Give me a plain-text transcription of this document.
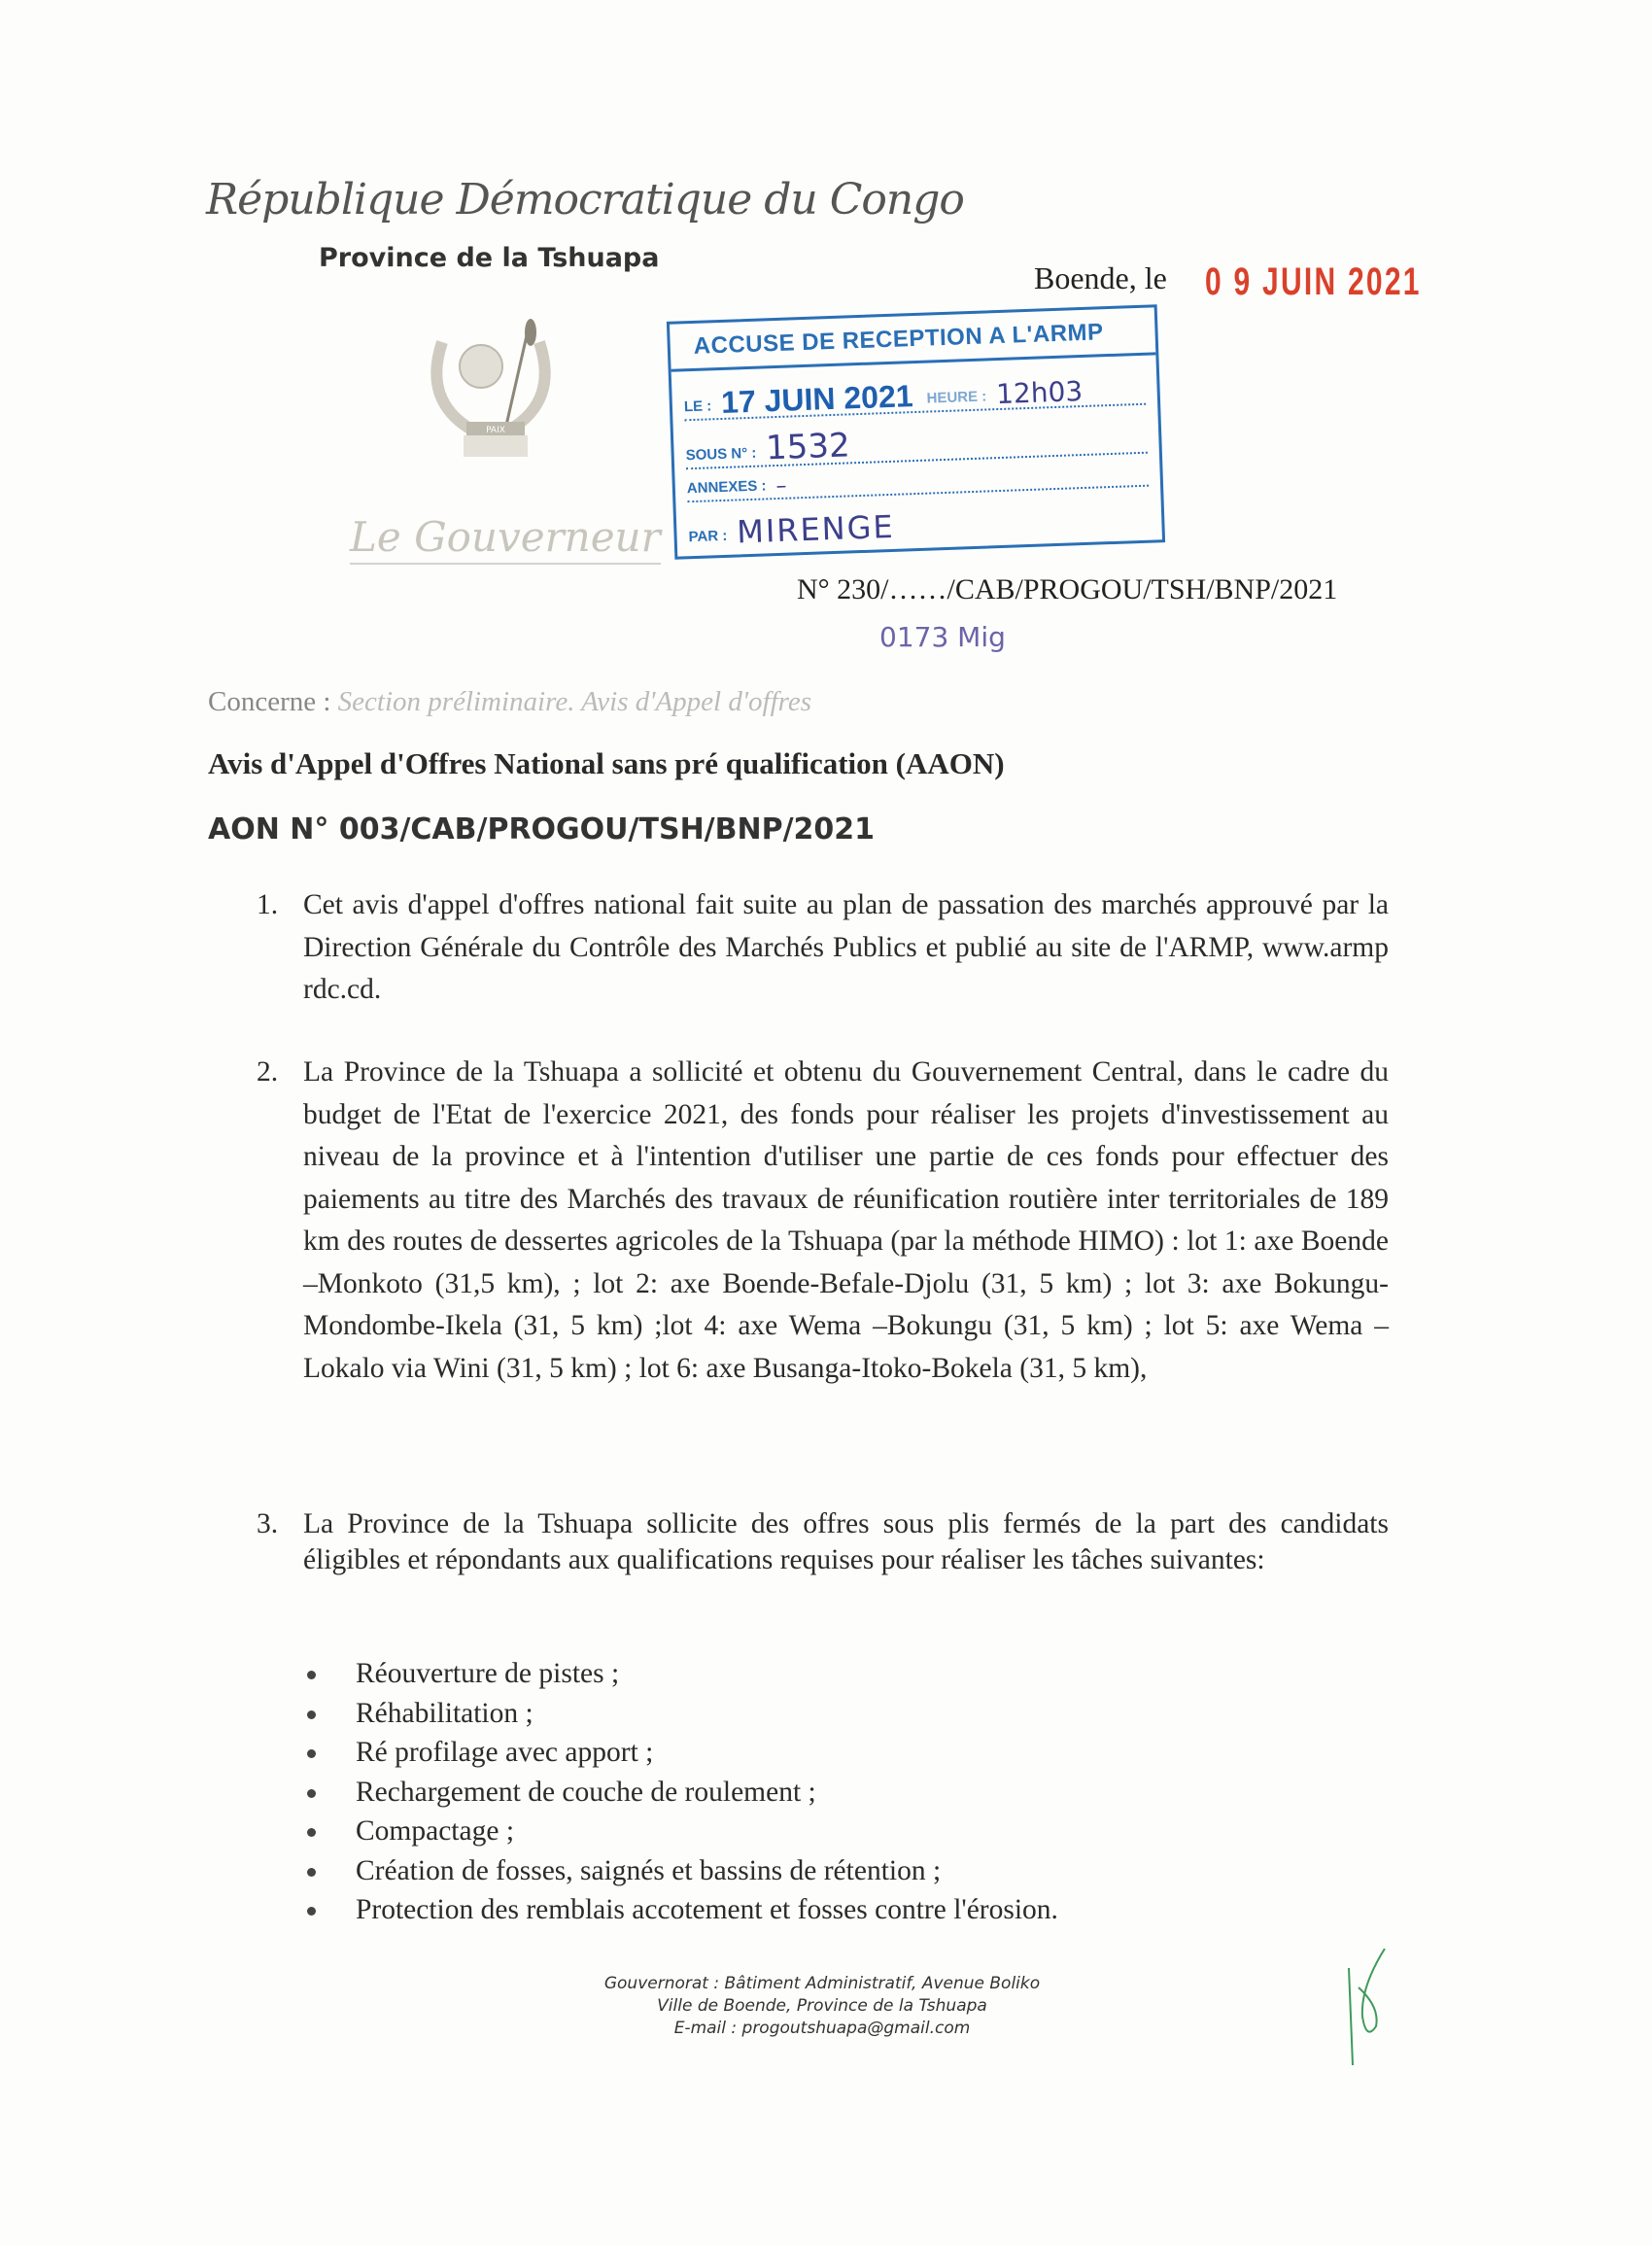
République Démocratique du Congo
Province de la Tshuapa
Boende, le 0 9 JUIN 2021
PAIX
Le Gouverneur
ACCUSE DE RECEPTION A L'ARMP
LE : 17 JUIN 2021 HEURE : 12h03
SOUS N° : 1532
ANNEXES : –
PAR : MIRENGE
N° 230/……/CAB/PROGOU/TSH/BNP/2021
0173 Mig
Concerne : Section préliminaire. Avis d'Appel d'offres
Avis d'Appel d'Offres National sans pré qualification (AAON)
AON N° 003/CAB/PROGOU/TSH/BNP/2021
1. Cet avis d'appel d'offres national fait suite au plan de passation des marchés approuvé par la Direction Générale du Contrôle des Marchés Publics et publié au site de l'ARMP, www.armp rdc.cd.
2. La Province de la Tshuapa a sollicité et obtenu du Gouvernement Central, dans le cadre du budget de l'Etat de l'exercice 2021, des fonds pour réaliser les projets d'investissement au niveau de la province et à l'intention d'utiliser une partie de ces fonds pour effectuer des paiements au titre des Marchés des travaux de réunification routière inter territoriales de 189 km des routes de dessertes agricoles de la Tshuapa (par la méthode HIMO) : lot 1: axe Boende –Monkoto (31,5 km), ; lot 2: axe Boende-Befale-Djolu (31, 5 km) ; lot 3: axe Bokungu-Mondombe-Ikela (31, 5 km) ;lot 4: axe Wema –Bokungu (31, 5 km) ; lot 5: axe Wema – Lokalo via Wini (31, 5 km) ; lot 6: axe Busanga-Itoko-Bokela (31, 5 km),
3. La Province de la Tshuapa sollicite des offres sous plis fermés de la part des candidats éligibles et répondants aux qualifications requises pour réaliser les tâches suivantes:
Réouverture de pistes ;
Réhabilitation ;
Ré profilage avec apport ;
Rechargement de couche de roulement ;
Compactage ;
Création de fosses, saignés et bassins de rétention ;
Protection des remblais accotement et fosses contre l'érosion.
Gouvernorat : Bâtiment Administratif, Avenue Boliko
Ville de Boende, Province de la Tshuapa
E-mail : progoutshuapa@gmail.com
